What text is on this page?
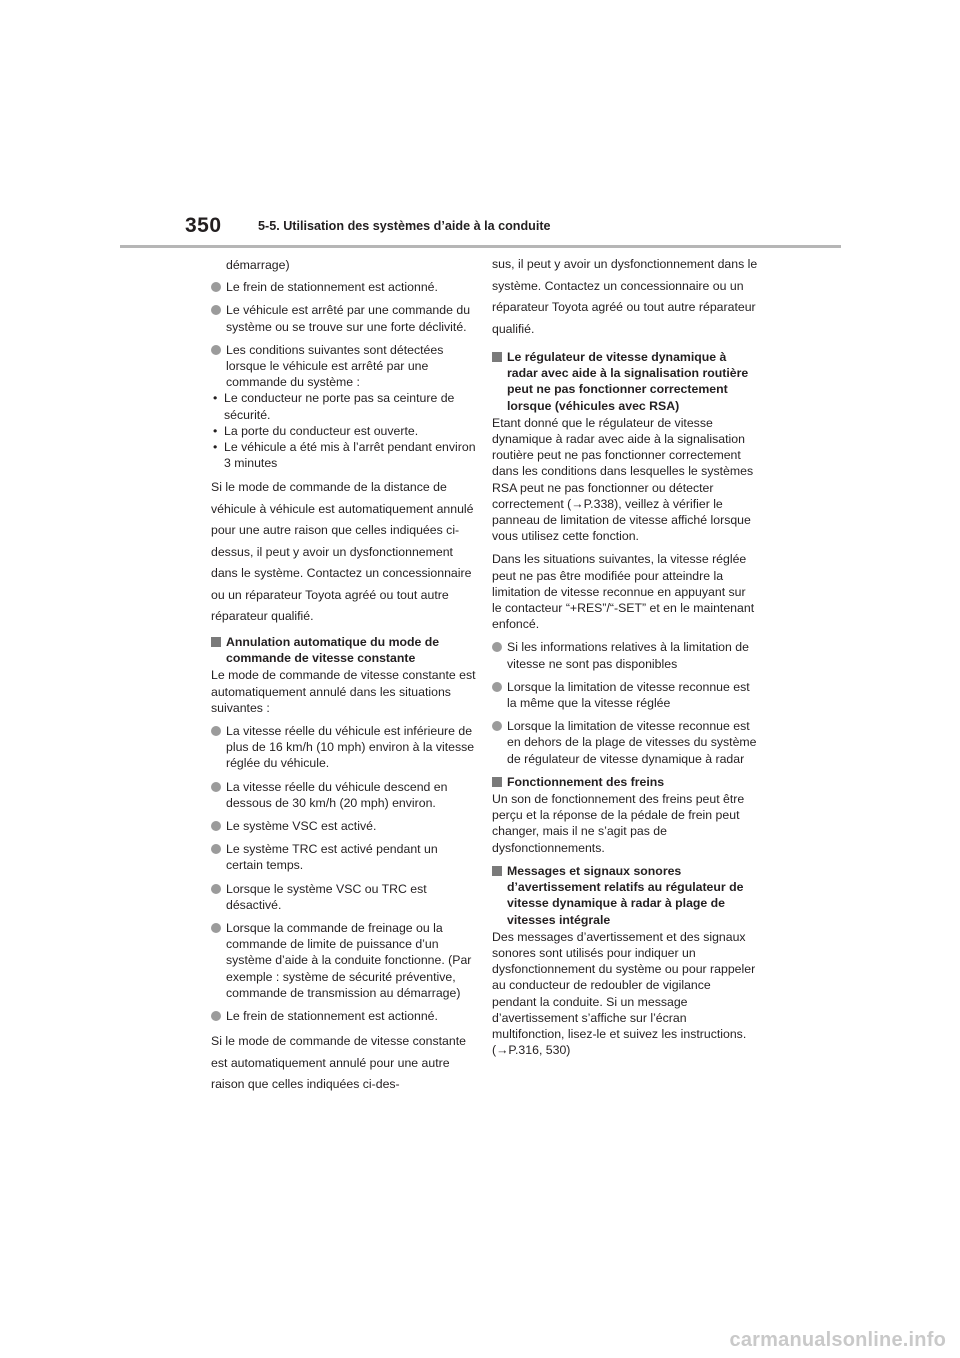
350	5-5. Utilisation des systèmes d’aide à la conduite

démarrage)

Le frein de stationnement est actionné.
Le véhicule est arrêté par une commande du système ou se trouve sur une forte déclivité.
Les conditions suivantes sont détectées lorsque le véhicule est arrêté par une commande du système :
• Le conducteur ne porte pas sa ceinture de sécurité.
• La porte du conducteur est ouverte.
• Le véhicule a été mis à l’arrêt pendant environ 3 minutes

Si le mode de commande de la distance de véhicule à véhicule est automatiquement annulé pour une autre raison que celles indiquées ci-dessus, il peut y avoir un dysfonctionnement dans le système. Contactez un concessionnaire ou un réparateur Toyota agréé ou tout autre réparateur qualifié.

Annulation automatique du mode de commande de vitesse constante

Le mode de commande de vitesse constante est automatiquement annulé dans les situations suivantes :

La vitesse réelle du véhicule est inférieure de plus de 16 km/h (10 mph) environ à la vitesse réglée du véhicule.
La vitesse réelle du véhicule descend en dessous de 30 km/h (20 mph) environ.
Le système VSC est activé.
Le système TRC est activé pendant un certain temps.
Lorsque le système VSC ou TRC est désactivé.
Lorsque la commande de freinage ou la commande de limite de puissance d’un système d’aide à la conduite fonctionne. (Par exemple : système de sécurité préventive, commande de transmission au démarrage)
Le frein de stationnement est actionné.

Si le mode de commande de vitesse constante est automatiquement annulé pour une autre raison que celles indiquées ci-des-

sus, il peut y avoir un dysfonctionnement dans le système. Contactez un concessionnaire ou un réparateur Toyota agréé ou tout autre réparateur qualifié.

Le régulateur de vitesse dynamique à radar avec aide à la signalisation routière peut ne pas fonctionner correctement lorsque (véhicules avec RSA)

Etant donné que le régulateur de vitesse dynamique à radar avec aide à la signalisation routière peut ne pas fonctionner correctement dans les conditions dans lesquelles le systèmes RSA peut ne pas fonctionner ou détecter correctement (→P.338), veillez à vérifier le panneau de limitation de vitesse affiché lorsque vous utilisez cette fonction.

Dans les situations suivantes, la vitesse réglée peut ne pas être modifiée pour atteindre la limitation de vitesse reconnue en appuyant sur le contacteur “+RES”/“-SET” et en le maintenant enfoncé.

Si les informations relatives à la limitation de vitesse ne sont pas disponibles
Lorsque la limitation de vitesse reconnue est la même que la vitesse réglée
Lorsque la limitation de vitesse reconnue est en dehors de la plage de vitesses du système de régulateur de vitesse dynamique à radar
Fonctionnement des freins

Un son de fonctionnement des freins peut être perçu et la réponse de la pédale de frein peut changer, mais il ne s’agit pas de dysfonctionnements.

Messages et signaux sonores d’avertissement relatifs au régulateur de vitesse dynamique à radar à plage de vitesses intégrale

Des messages d’avertissement et des signaux sonores sont utilisés pour indiquer un dysfonctionnement du système ou pour rappeler au conducteur de redoubler de vigilance pendant la conduite. Si un message d’avertissement s’affiche sur l’écran multifonction, lisez-le et suivez les instructions. (→P.316, 530)

carmanualsonline.info
